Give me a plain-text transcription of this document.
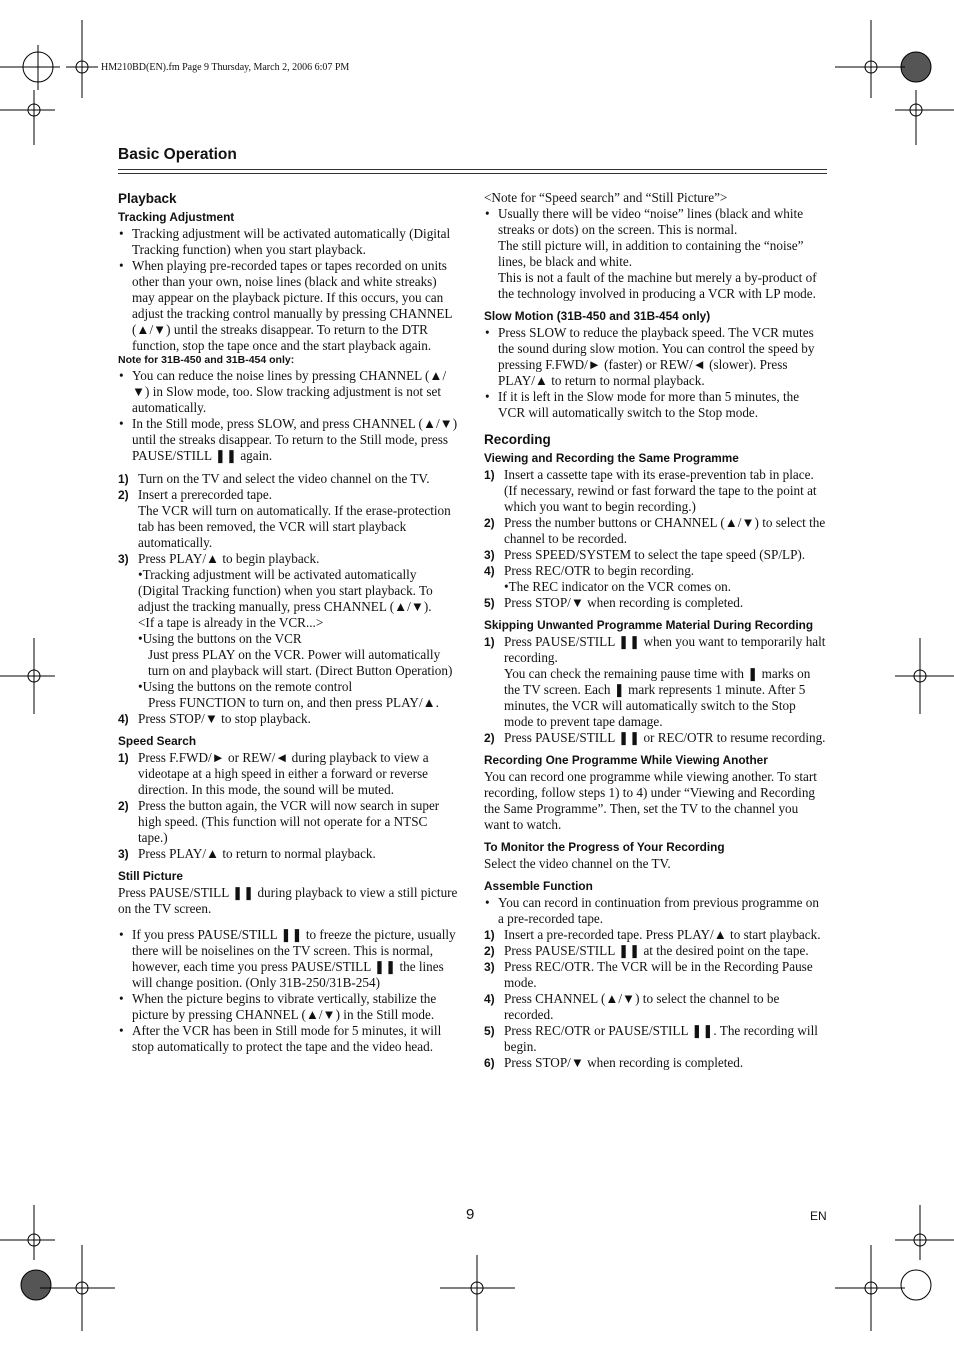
HM210BD(EN).fm Page 9 Thursday, March 2, 2006 6:07 PM
Basic Operation
Playback
Tracking Adjustment
• Tracking adjustment will be activated automatically (Digital Tracking function) when you start playback.
• When playing pre-recorded tapes or tapes recorded on units other than your own, noise lines (black and white streaks) may appear on the playback picture. If this occurs, you can adjust the tracking control manually by pressing CHANNEL (▲/▼) until the streaks disappear. To return to the DTR function, stop the tape once and the start playback again.
Note for 31B-450 and 31B-454 only:
• You can reduce the noise lines by pressing CHANNEL (▲/▼) in Slow mode, too. Slow tracking adjustment is not set automatically.
• In the Still mode, press SLOW, and press CHANNEL (▲/▼) until the streaks disappear. To return to the Still mode, press PAUSE/STILL ❚❚ again.
1) Turn on the TV and select the video channel on the TV.
2) Insert a prerecorded tape.
The VCR will turn on automatically. If the erase-protection tab has been removed, the VCR will start playback automatically.
3) Press PLAY/▲ to begin playback.
•Tracking adjustment will be activated automatically (Digital Tracking function) when you start playback. To adjust the tracking manually, press CHANNEL (▲/▼).
<If a tape is already in the VCR...>
•Using the buttons on the VCR
Just press PLAY on the VCR. Power will automatically turn on and playback will start. (Direct Button Operation)
•Using the buttons on the remote control
Press FUNCTION to turn on, and then press PLAY/▲.
4) Press STOP/▼ to stop playback.
Speed Search
1) Press F.FWD/► or REW/◄ during playback to view a videotape at a high speed in either a forward or reverse direction. In this mode, the sound will be muted.
2) Press the button again, the VCR will now search in super high speed. (This function will not operate for a NTSC tape.)
3) Press PLAY/▲ to return to normal playback.
Still Picture
Press PAUSE/STILL ❚❚ during playback to view a still picture on the TV screen.
• If you press PAUSE/STILL ❚❚ to freeze the picture, usually there will be noiselines on the TV screen. This is normal, however, each time you press PAUSE/STILL ❚❚ the lines will change position. (Only 31B-250/31B-254)
• When the picture begins to vibrate vertically, stabilize the picture by pressing CHANNEL (▲/▼) in the Still mode.
• After the VCR has been in Still mode for 5 minutes, it will stop automatically to protect the tape and the video head.
<Note for “Speed search” and “Still Picture”>
• Usually there will be video “noise” lines (black and white streaks or dots) on the screen. This is normal.
The still picture will, in addition to containing the “noise” lines, be black and white.
This is not a fault of the machine but merely a by-product of the technology involved in producing a VCR with LP mode.
Slow Motion (31B-450 and 31B-454 only)
• Press SLOW to reduce the playback speed. The VCR mutes the sound during slow motion. You can control the speed by pressing F.FWD/► (faster) or REW/◄ (slower). Press PLAY/▲ to return to normal playback.
• If it is left in the Slow mode for more than 5 minutes, the VCR will automatically switch to the Stop mode.
Recording
Viewing and Recording the Same Programme
1) Insert a cassette tape with its erase-prevention tab in place. (If necessary, rewind or fast forward the tape to the point at which you want to begin recording.)
2) Press the number buttons or CHANNEL (▲/▼) to select the channel to be recorded.
3) Press SPEED/SYSTEM to select the tape speed (SP/LP).
4) Press REC/OTR to begin recording.
•The REC indicator on the VCR comes on.
5) Press STOP/▼ when recording is completed.
Skipping Unwanted Programme Material During Recording
1) Press PAUSE/STILL ❚❚ when you want to temporarily halt recording.
You can check the remaining pause time with ❚ marks on the TV screen. Each ❚ mark represents 1 minute. After 5 minutes, the VCR will automatically switch to the Stop mode to prevent tape damage.
2) Press PAUSE/STILL ❚❚ or REC/OTR to resume recording.
Recording One Programme While Viewing Another
You can record one programme while viewing another. To start recording, follow steps 1) to 4) under “Viewing and Recording the Same Programme”. Then, set the TV to the channel you want to watch.
To Monitor the Progress of Your Recording
Select the video channel on the TV.
Assemble Function
• You can record in continuation from previous programme on a pre-recorded tape.
1) Insert a pre-recorded tape. Press PLAY/▲ to start playback.
2) Press PAUSE/STILL ❚❚ at the desired point on the tape.
3) Press REC/OTR. The VCR will be in the Recording Pause mode.
4) Press CHANNEL (▲/▼) to select the channel to be recorded.
5) Press REC/OTR or PAUSE/STILL ❚❚. The recording will begin.
6) Press STOP/▼ when recording is completed.
9	EN
